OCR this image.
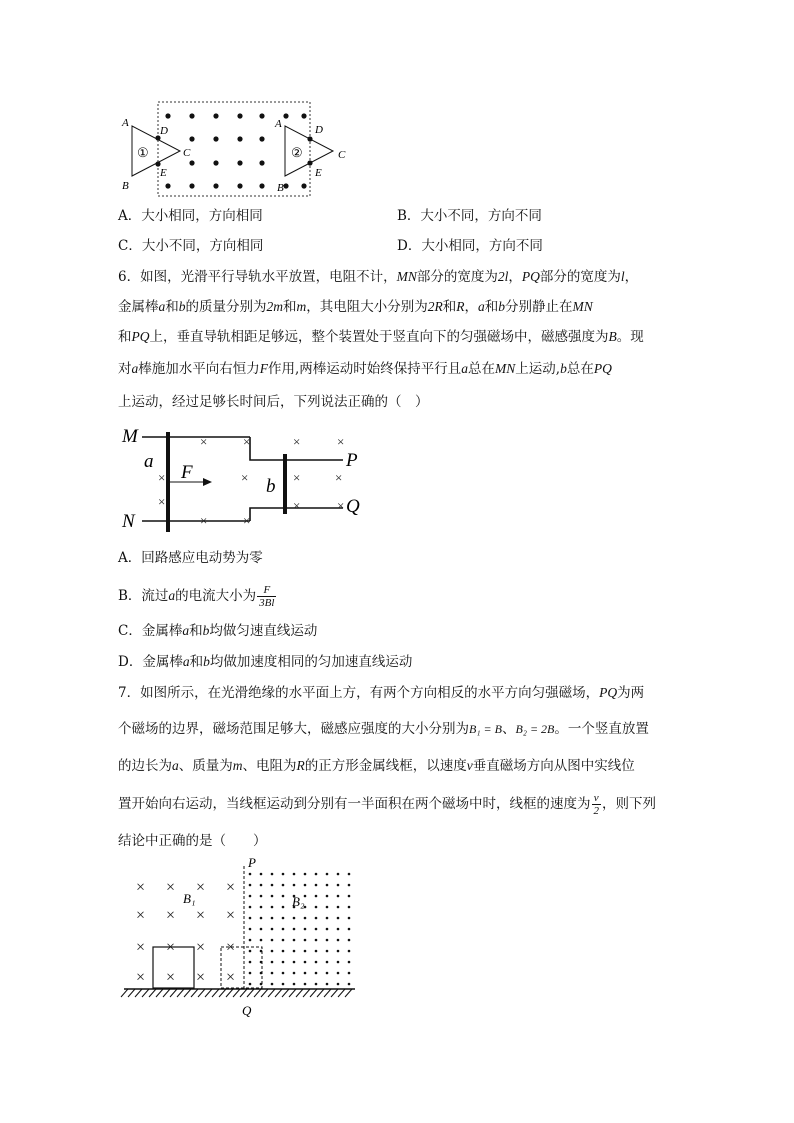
A
B
D
E
C
①
A
B
D
E
C
②
A．大小相同，方向相同	B．大小不同，方向不同
C．大小不同，方向相同	D．大小相同，方向不同
6．如图，光滑平行导轨水平放置，电阻不计，MN部分的宽度为2l，PQ部分的宽度为l，
金属棒a和b的质量分别为2m和m，其电阻大小分别为2R和R，a和b分别静止在MN
和PQ上，垂直导轨相距足够远，整个装置处于竖直向下的匀强磁场中，磁感强度为B。现
对a棒施加水平向右恒力F作用,两棒运动时始终保持平行且a总在MN上运动,b总在PQ
上运动，经过足够长时间后，下列说法正确的（　）
×	×	×	×
×	×	×	×
×
×	×
×	×
M
N
a
F
b
P
Q
A．回路感应电动势为零
B．流过a的电流大小为 $\frac{F}{3Bl}$
C．金属棒a和b均做匀速直线运动
D．金属棒a和b均做加速度相同的匀加速直线运动
7．如图所示，在光滑绝缘的水平面上方，有两个方向相反的水平方向匀强磁场，PQ为两
个磁场的边界，磁场范围足够大，磁感应强度的大小分别为B₁ = B、B₂ = 2B。一个竖直放置
的边长为a、质量为m、电阻为R的正方形金属线框，以速度v垂直磁场方向从图中实线位
置开始向右运动，当线框运动到分别有一半面积在两个磁场中时，线框的速度为 $\frac{v}{2}$ ，则下列
结论中正确的是（　　）
× × × ×
× × × ×
× × × ×
× × × ×
P
Q
B₁	B₂
